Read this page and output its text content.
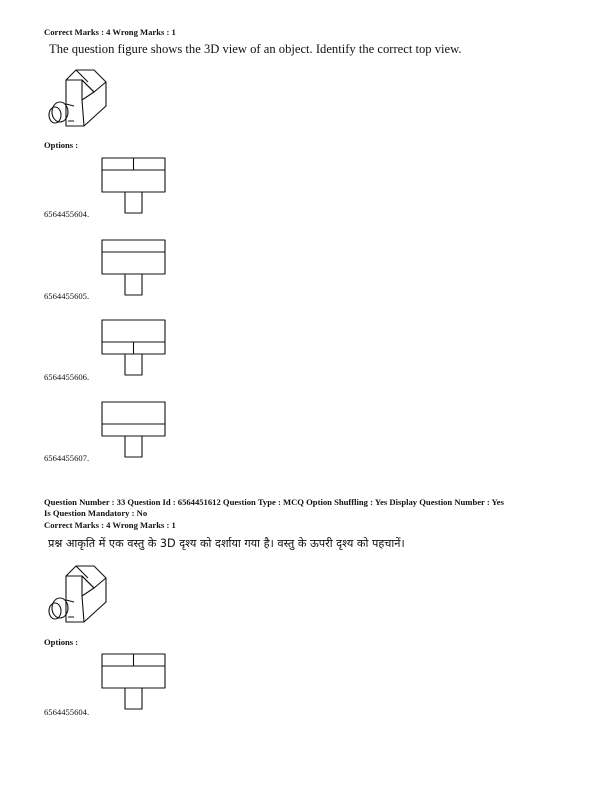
Correct Marks : 4 Wrong Marks : 1
The question figure shows the 3D view of an object. Identify the correct top view.
Options :
6564455604.
6564455605.
6564455606.
6564455607.
Question Number : 33 Question Id : 6564451612 Question Type : MCQ Option Shuffling : Yes Display Question Number : Yes
Is Question Mandatory : No
Correct Marks : 4 Wrong Marks : 1
प्रश्न आकृति में एक वस्तु के 3D दृश्य को दर्शाया गया है। वस्तु के ऊपरी दृश्य को पहचानें।
Options :
6564455604.
